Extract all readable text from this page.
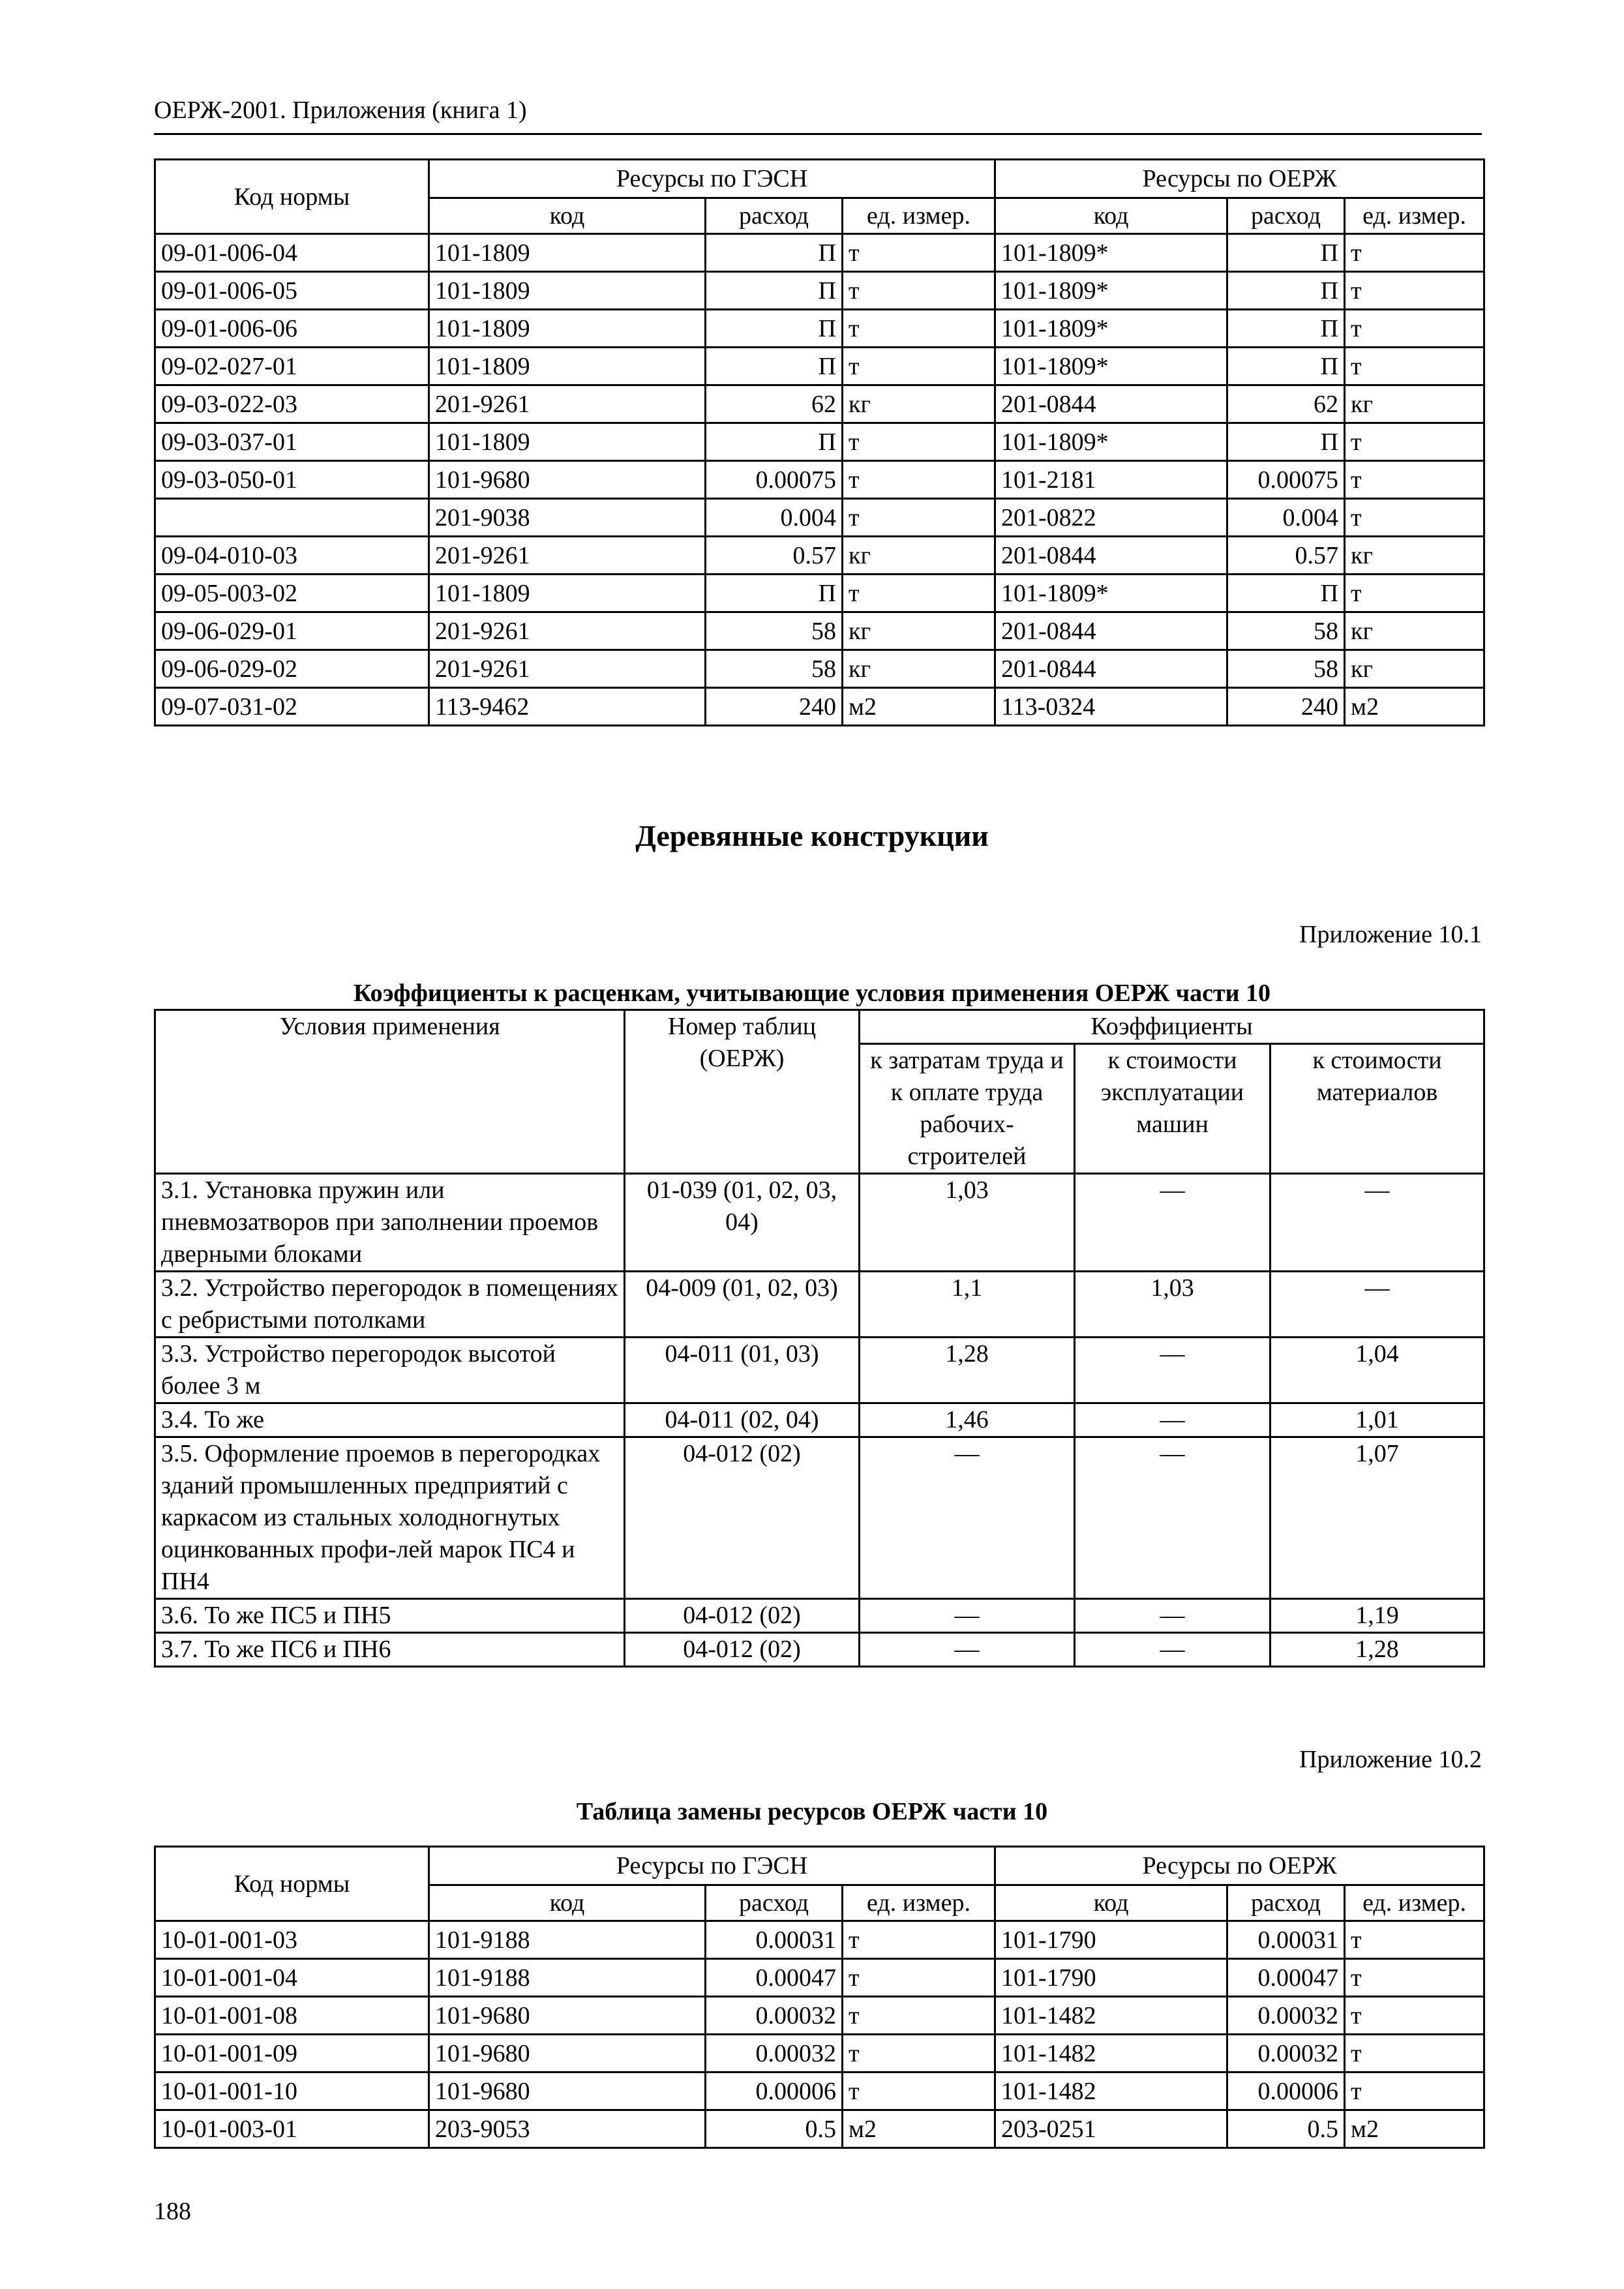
ОЕРЖ-2001. Приложения (книга 1)
Код нормы	Ресурсы по ГЭСН			Ресурсы по ОЕРЖ		
	код	расход	ед. измер.	код	расход	ед. измер.
09-01-006-04	101-1809	П	т	101-1809*	П	т
09-01-006-05	101-1809	П	т	101-1809*	П	т
09-01-006-06	101-1809	П	т	101-1809*	П	т
09-02-027-01	101-1809	П	т	101-1809*	П	т
09-03-022-03	201-9261	62	кг	201-0844	62	кг
09-03-037-01	101-1809	П	т	101-1809*	П	т
09-03-050-01	101-9680	0.00075	т	101-2181	0.00075	т
	201-9038	0.004	т	201-0822	0.004	т
09-04-010-03	201-9261	0.57	кг	201-0844	0.57	кг
09-05-003-02	101-1809	П	т	101-1809*	П	т
09-06-029-01	201-9261	58	кг	201-0844	58	кг
09-06-029-02	201-9261	58	кг	201-0844	58	кг
09-07-031-02	113-9462	240	м2	113-0324	240	м2
Деревянные конструкции
Приложение 10.1
Коэффициенты к расценкам, учитывающие условия применения ОЕРЖ части 10
Условия применения	Номер таблиц (ОЕРЖ)	Коэффициенты		
		к затратам труда и к оплате труда рабочих-строителей	к стоимости эксплуатации машин	к стоимости материалов
3.1. Установка пружин или пневмозатворов при заполнении проемов дверными блоками	01-039 (01, 02, 03, 04)	1,03	—	—
3.2. Устройство перегородок в помещениях с ребристыми потолками	04-009 (01, 02, 03)	1,1	1,03	—
3.3. Устройство перегородок высотой более 3 м	04-011 (01, 03)	1,28	—	1,04
3.4. То же	04-011 (02, 04)	1,46	—	1,01
3.5. Оформление проемов в перегородках зданий промышленных предприятий с каркасом из стальных холодногнутых оцинкованных профи-лей марок ПС4 и ПН4	04-012 (02)	—	—	1,07
3.6. То же ПС5 и ПН5	04-012 (02)	—	—	1,19
3.7. То же ПС6 и ПН6	04-012 (02)	—	—	1,28
Приложение 10.2
Таблица замены ресурсов ОЕРЖ части 10
Код нормы	Ресурсы по ГЭСН			Ресурсы по ОЕРЖ		
	код	расход	ед. измер.	код	расход	ед. измер.
10-01-001-03	101-9188	0.00031	т	101-1790	0.00031	т
10-01-001-04	101-9188	0.00047	т	101-1790	0.00047	т
10-01-001-08	101-9680	0.00032	т	101-1482	0.00032	т
10-01-001-09	101-9680	0.00032	т	101-1482	0.00032	т
10-01-001-10	101-9680	0.00006	т	101-1482	0.00006	т
10-01-003-01	203-9053	0.5	м2	203-0251	0.5	м2
188
